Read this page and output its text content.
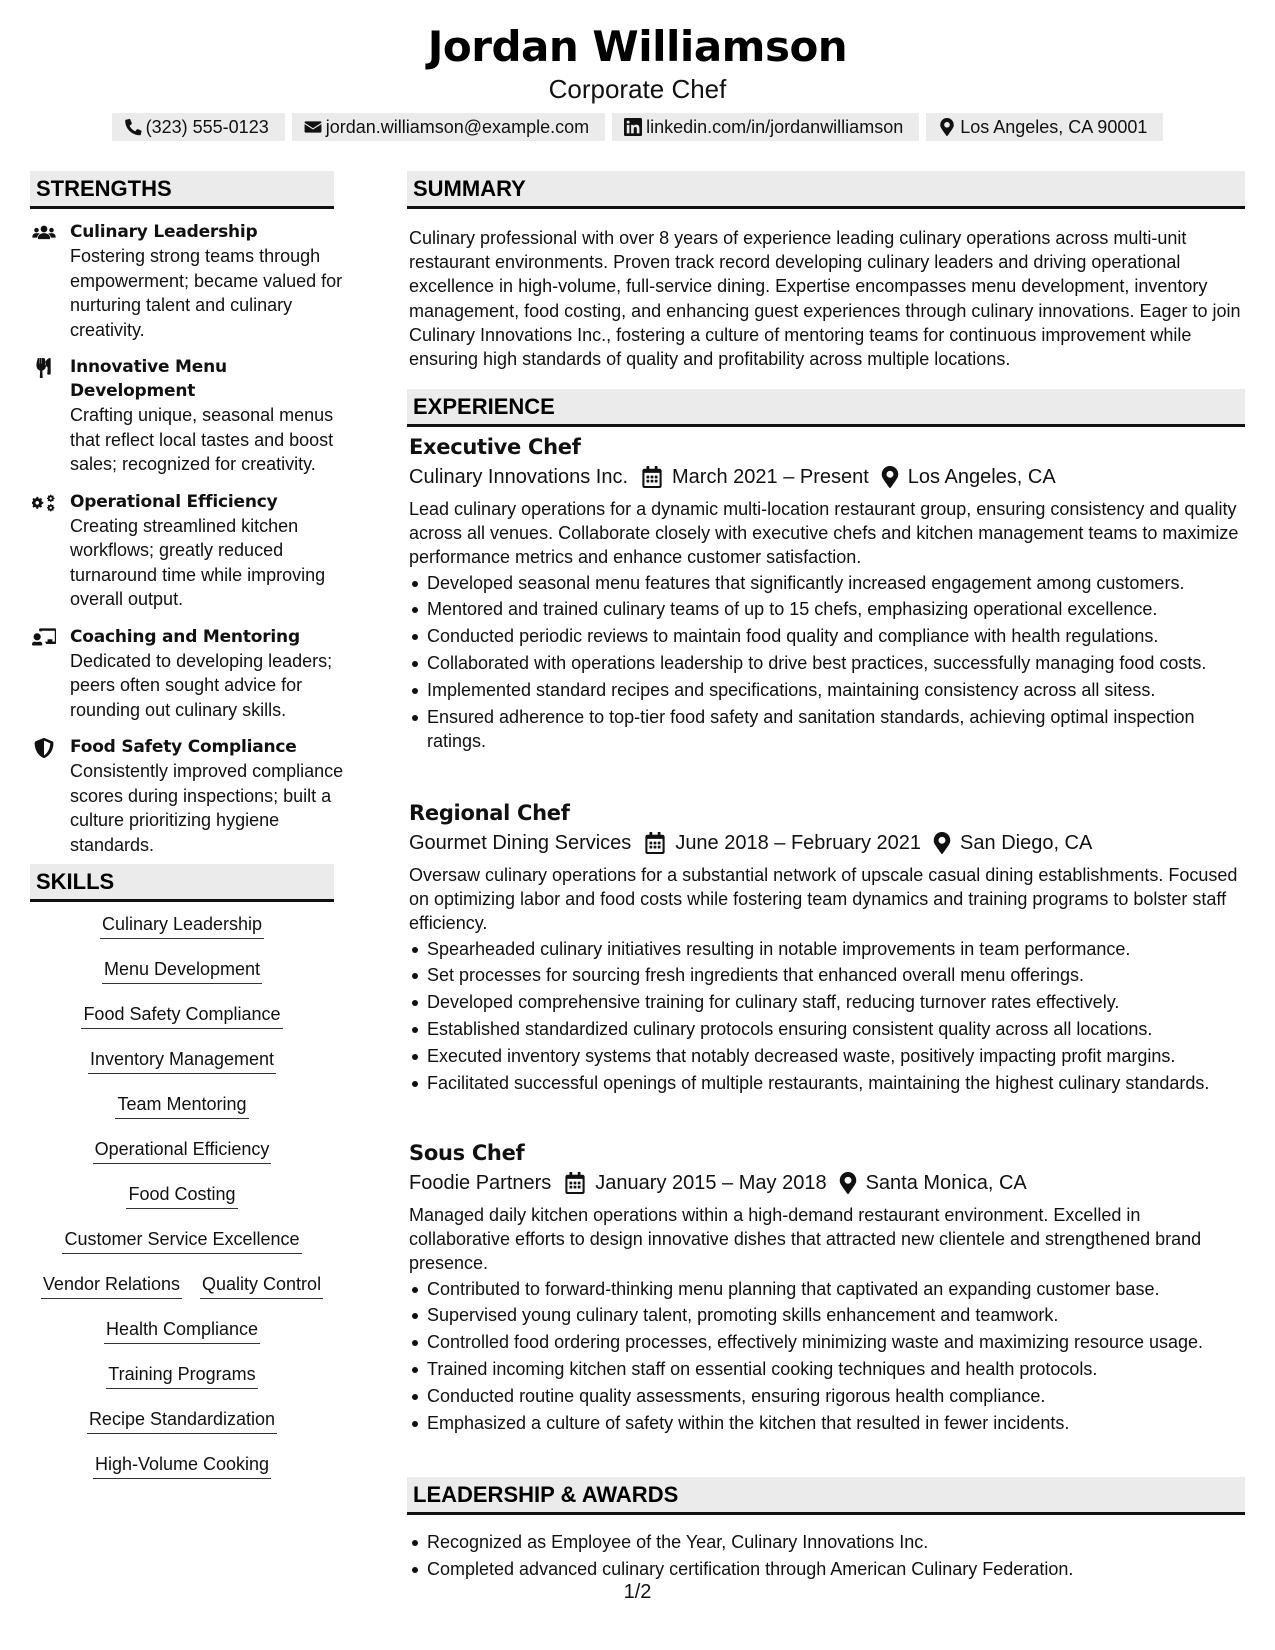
Jordan Williamson
Corporate Chef
(323) 555-0123	jordan.williamson@example.com	linkedin.com/in/jordanwilliamson	Los Angeles, CA 90001
STRENGTHS
Culinary Leadership
Fostering strong teams through empowerment; became valued for nurturing talent and culinary creativity.
Innovative Menu Development
Crafting unique, seasonal menus that reflect local tastes and boost sales; recognized for creativity.
Operational Efficiency
Creating streamlined kitchen workflows; greatly reduced turnaround time while improving overall output.
Coaching and Mentoring
Dedicated to developing leaders; peers often sought advice for rounding out culinary skills.
Food Safety Compliance
Consistently improved compliance scores during inspections; built a culture prioritizing hygiene standards.
SKILLS
Culinary Leadership
Menu Development
Food Safety Compliance
Inventory Management
Team Mentoring
Operational Efficiency
Food Costing
Customer Service Excellence
Vendor Relations Quality Control
Health Compliance
Training Programs
Recipe Standardization
High-Volume Cooking
SUMMARY
Culinary professional with over 8 years of experience leading culinary operations across multi-unit restaurant environments. Proven track record developing culinary leaders and driving operational excellence in high-volume, full-service dining. Expertise encompasses menu development, inventory management, food costing, and enhancing guest experiences through culinary innovations. Eager to join Culinary Innovations Inc., fostering a culture of mentoring teams for continuous improvement while ensuring high standards of quality and profitability across multiple locations.
EXPERIENCE
Executive Chef
Culinary Innovations Inc. March 2021 – Present Los Angeles, CA
Lead culinary operations for a dynamic multi-location restaurant group, ensuring consistency and quality across all venues. Collaborate closely with executive chefs and kitchen management teams to maximize performance metrics and enhance customer satisfaction.
Developed seasonal menu features that significantly increased engagement among customers.
Mentored and trained culinary teams of up to 15 chefs, emphasizing operational excellence.
Conducted periodic reviews to maintain food quality and compliance with health regulations.
Collaborated with operations leadership to drive best practices, successfully managing food costs.
Implemented standard recipes and specifications, maintaining consistency across all sitess.
Ensured adherence to top-tier food safety and sanitation standards, achieving optimal inspection ratings.
Regional Chef
Gourmet Dining Services June 2018 – February 2021 San Diego, CA
Oversaw culinary operations for a substantial network of upscale casual dining establishments. Focused on optimizing labor and food costs while fostering team dynamics and training programs to bolster staff efficiency.
Spearheaded culinary initiatives resulting in notable improvements in team performance.
Set processes for sourcing fresh ingredients that enhanced overall menu offerings.
Developed comprehensive training for culinary staff, reducing turnover rates effectively.
Established standardized culinary protocols ensuring consistent quality across all locations.
Executed inventory systems that notably decreased waste, positively impacting profit margins.
Facilitated successful openings of multiple restaurants, maintaining the highest culinary standards.
Sous Chef
Foodie Partners January 2015 – May 2018 Santa Monica, CA
Managed daily kitchen operations within a high-demand restaurant environment. Excelled in collaborative efforts to design innovative dishes that attracted new clientele and strengthened brand presence.
Contributed to forward-thinking menu planning that captivated an expanding customer base.
Supervised young culinary talent, promoting skills enhancement and teamwork.
Controlled food ordering processes, effectively minimizing waste and maximizing resource usage.
Trained incoming kitchen staff on essential cooking techniques and health protocols.
Conducted routine quality assessments, ensuring rigorous health compliance.
Emphasized a culture of safety within the kitchen that resulted in fewer incidents.
LEADERSHIP & AWARDS
Recognized as Employee of the Year, Culinary Innovations Inc.
Completed advanced culinary certification through American Culinary Federation.
1/2
